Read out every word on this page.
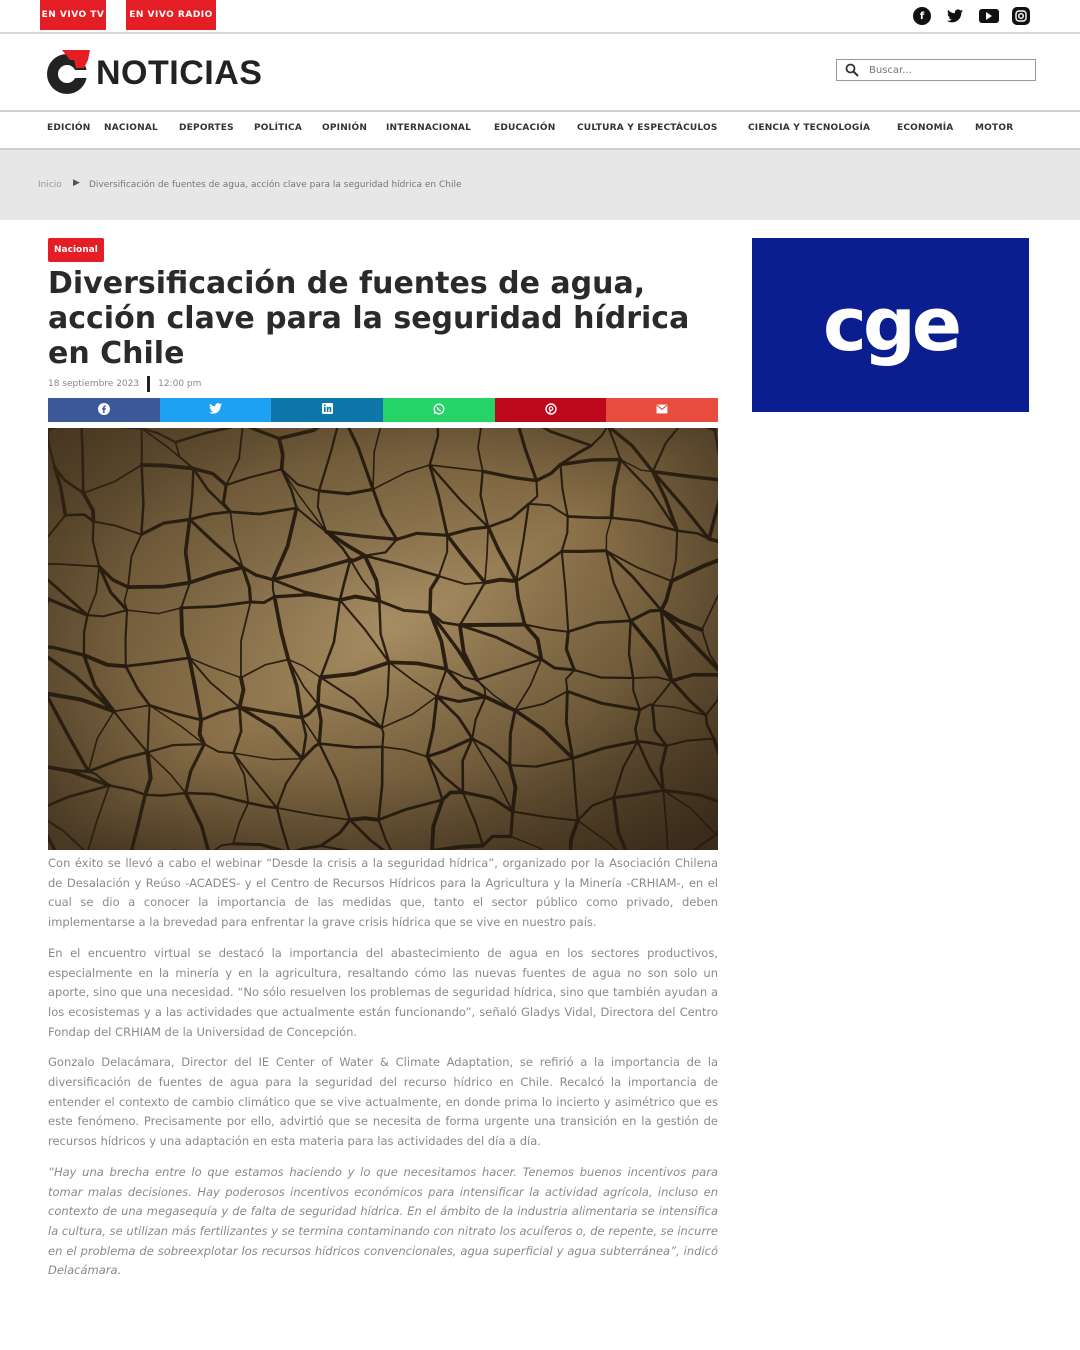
EN VIVO TV	EN VIVO RADIO	f
NOTICIAS
Buscar...
EDICIÓN NACIONAL DEPORTES POLÍTICA OPINIÓN INTERNACIONAL	EDUCACIÓN CULTURA Y ESPECTÁCULOS	CIENCIA Y TECNOLOGÍA	ECONOMÍA MOTOR
Inicio ▶ Diversificación de fuentes de agua, acción clave para la seguridad hídrica en Chile
Nacional
Diversificación de fuentes de agua, acción clave para la seguridad hídrica en Chile
18 septiembre 2023 12:00 pm

Con éxito se llevó a cabo el webinar “Desde la crisis a la seguridad hídrica”, organizado por la Asociación Chilena de Desalación y Reúso -ACADES- y el Centro de Recursos Hídricos para la Agricultura y la Minería -CRHIAM-, en el cual se dio a conocer la importancia de las medidas que, tanto el sector público como privado, deben implementarse a la brevedad para enfrentar la grave crisis hídrica que se vive en nuestro país.

En el encuentro virtual se destacó la importancia del abastecimiento de agua en los sectores productivos, especialmente en la minería y en la agricultura, resaltando cómo las nuevas fuentes de agua no son solo un aporte, sino que una necesidad. “No sólo resuelven los problemas de seguridad hídrica, sino que también ayudan a los ecosistemas y a las actividades que actualmente están funcionando”, señaló Gladys Vidal, Directora del Centro Fondap del CRHIAM de la Universidad de Concepción.

Gonzalo Delacámara, Director del IE Center of Water & Climate Adaptation, se refirió a la importancia de la diversificación de fuentes de agua para la seguridad del recurso hídrico en Chile. Recalcó la importancia de entender el contexto de cambio climático que se vive actualmente, en donde prima lo incierto y asimétrico que es este fenómeno. Precisamente por ello, advirtió que se necesita de forma urgente una transición en la gestión de recursos hídricos y una adaptación en esta materia para las actividades del día a día.

“Hay una brecha entre lo que estamos haciendo y lo que necesitamos hacer. Tenemos buenos incentivos para tomar malas decisiones. Hay poderosos incentivos económicos para intensificar la actividad agrícola, incluso en contexto de una megasequía y de falta de seguridad hídrica. En el ámbito de la industria alimentaria se intensifica la cultura, se utilizan más fertilizantes y se termina contaminando con nitrato los acuíferos o, de repente, se incurre en el problema de sobreexplotar los recursos hídricos convencionales, agua superficial y agua subterránea”, indicó Delacámara.

cge
